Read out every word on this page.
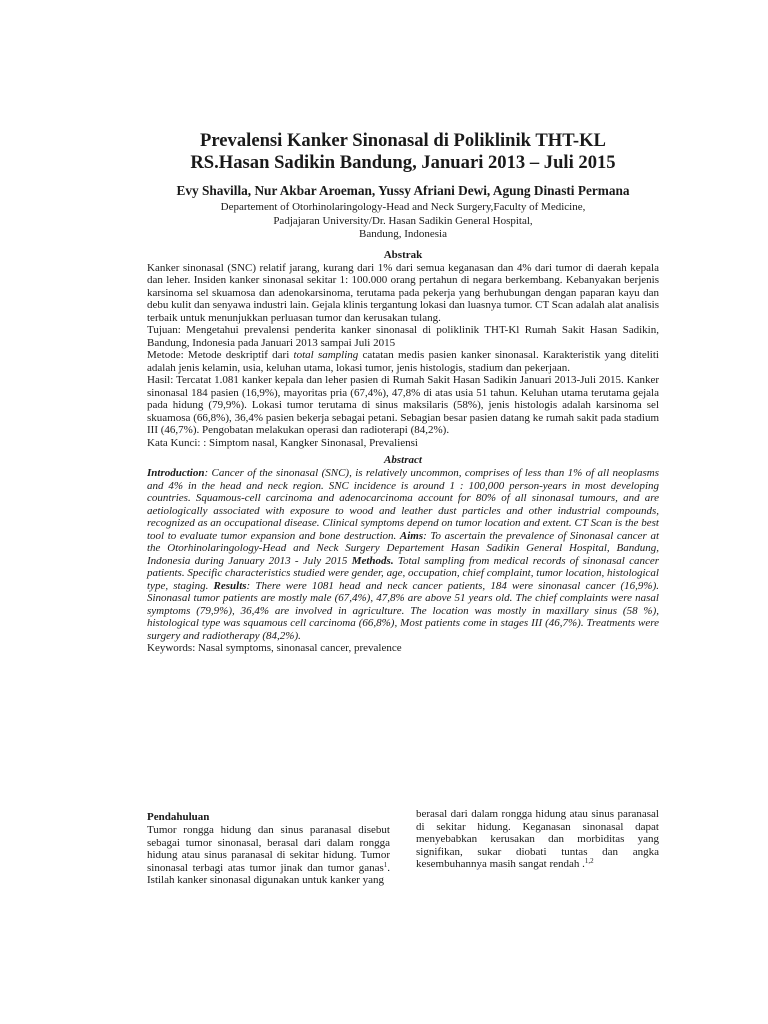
Prevalensi Kanker Sinonasal di Poliklinik THT-KL
RS.Hasan Sadikin Bandung, Januari 2013 – Juli 2015
Evy Shavilla, Nur Akbar Aroeman, Yussy Afriani Dewi, Agung Dinasti Permana
Departement of Otorhinolaringology-Head and Neck Surgery,Faculty of Medicine,
Padjajaran University/Dr. Hasan Sadikin General Hospital,
Bandung, Indonesia
Abstrak

Kanker sinonasal (SNC) relatif jarang, kurang dari 1% dari semua keganasan dan 4% dari tumor di daerah kepala dan leher. Insiden kanker sinonasal sekitar 1: 100.000 orang pertahun di negara berkembang. Kebanyakan berjenis karsinoma sel skuamosa dan adenokarsinoma, terutama pada pekerja yang berhubungan dengan paparan kayu dan debu kulit dan senyawa industri lain. Gejala klinis tergantung lokasi dan luasnya tumor. CT Scan adalah alat analisis terbaik untuk menunjukkan perluasan tumor dan kerusakan tulang.

Tujuan: Mengetahui prevalensi penderita kanker sinonasal di poliklinik THT-Kl Rumah Sakit Hasan Sadikin, Bandung, Indonesia pada Januari 2013 sampai Juli 2015

Metode: Metode deskriptif dari total sampling catatan medis pasien kanker sinonasal. Karakteristik yang diteliti adalah jenis kelamin, usia, keluhan utama, lokasi tumor, jenis histologis, stadium dan pekerjaan.

Hasil: Tercatat 1.081 kanker kepala dan leher pasien di Rumah Sakit Hasan Sadikin Januari 2013-Juli 2015. Kanker sinonasal 184 pasien (16,9%), mayoritas pria (67,4%), 47,8% di atas usia 51 tahun. Keluhan utama terutama gejala pada hidung (79,9%). Lokasi tumor terutama di sinus maksilaris (58%), jenis histologis adalah karsinoma sel skuamosa (66,8%), 36,4% pasien bekerja sebagai petani. Sebagian besar pasien datang ke rumah sakit pada stadium III (46,7%). Pengobatan melakukan operasi dan radioterapi (84,2%).

Kata Kunci: : Simptom nasal, Kangker Sinonasal, Prevaliensi

Abstract

Introduction: Cancer of the sinonasal (SNC), is relatively uncommon, comprises of less than 1% of all neoplasms and 4% in the head and neck region. SNC incidence is around 1 : 100,000 person-years in most developing countries. Squamous-cell carcinoma and adenocarcinoma account for 80% of all sinonasal tumours, and are aetiologically associated with exposure to wood and leather dust particles and other industrial compounds, recognized as an occupational disease. Clinical symptoms depend on tumor location and extent. CT Scan is the best tool to evaluate tumor expansion and bone destruction. Aims: To ascertain the prevalence of Sinonasal cancer at the Otorhinolaringology-Head and Neck Surgery Departement Hasan Sadikin General Hospital, Bandung, Indonesia during January 2013 - July 2015 Methods. Total sampling from medical records of sinonasal cancer patients. Specific characteristics studied were gender, age, occupation, chief complaint, tumor location, histological type, staging. Results: There were 1081 head and neck cancer patients, 184 were sinonasal cancer (16,9%). Sinonasal tumor patients are mostly male (67,4%), 47,8% are above 51 years old. The chief complaints were nasal symptoms (79,9%), 36,4% are involved in agriculture. The location was mostly in maxillary sinus (58 %), histological type was squamous cell carcinoma (66,8%), Most patients come in stages III (46,7%). Treatments were surgery and radiotherapy (84,2%).

Keywords: Nasal symptoms, sinonasal cancer, prevalence

Pendahuluan

Tumor rongga hidung dan sinus paranasal disebut sebagai tumor sinonasal, berasal dari dalam rongga hidung atau sinus paranasal di sekitar hidung. Tumor sinonasal terbagi atas tumor jinak dan tumor ganas$^1$. Istilah kanker sinonasal digunakan untuk kanker yang

berasal dari dalam rongga hidung atau sinus paranasal di sekitar hidung. Keganasan sinonasal dapat menyebabkan kerusakan dan morbiditas yang signifikan, sukar diobati tuntas dan angka kesembuhannya masih sangat rendah .$^{1,2}$
